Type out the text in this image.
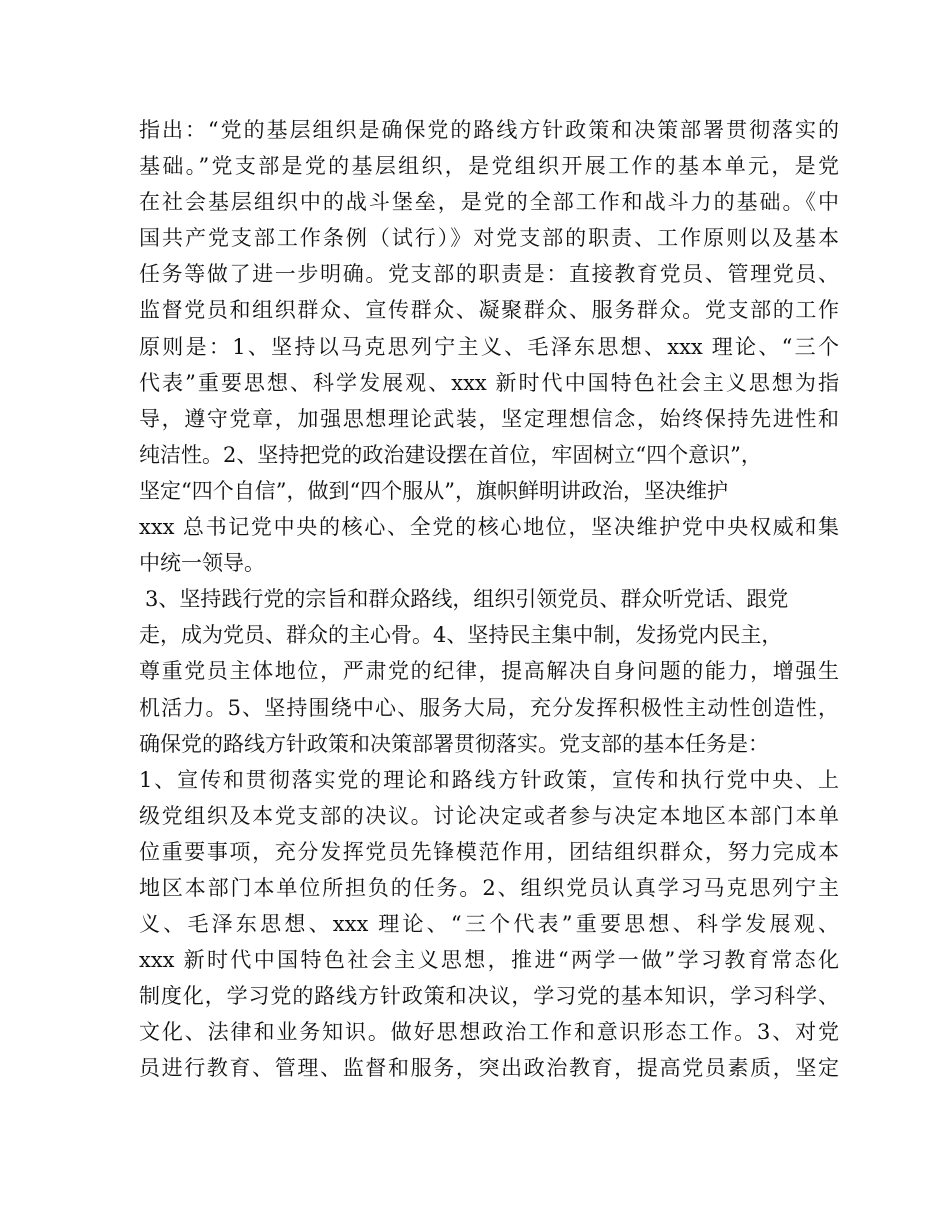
指出：“党的基层组织是确保党的路线方针政策和决策部署贯彻落实的
基础。”党支部是党的基层组织，是党组织开展工作的基本单元，是党
在社会基层组织中的战斗堡垒，是党的全部工作和战斗力的基础。《中
国共产党支部工作条例（试行）》对党支部的职责、工作原则以及基本
任务等做了进一步明确。党支部的职责是：直接教育党员、管理党员、
监督党员和组织群众、宣传群众、凝聚群众、服务群众。党支部的工作
原则是：1、坚持以马克思列宁主义、毛泽东思想、xxx 理论、“三个
代表”重要思想、科学发展观、xxx 新时代中国特色社会主义思想为指
导，遵守党章，加强思想理论武装，坚定理想信念，始终保持先进性和
纯洁性。2、坚持把党的政治建设摆在首位，牢固树立“四个意识”，
坚定“四个自信”，做到“四个服从”，旗帜鲜明讲政治，坚决维护
xxx 总书记党中央的核心、全党的核心地位，坚决维护党中央权威和集
中统一领导。
3、坚持践行党的宗旨和群众路线，组织引领党员、群众听党话、跟党
走，成为党员、群众的主心骨。4、坚持民主集中制，发扬党内民主，
尊重党员主体地位，严肃党的纪律，提高解决自身问题的能力，增强生
机活力。5、坚持围绕中心、服务大局，充分发挥积极性主动性创造性，
确保党的路线方针政策和决策部署贯彻落实。党支部的基本任务是：
1、宣传和贯彻落实党的理论和路线方针政策，宣传和执行党中央、上
级党组织及本党支部的决议。讨论决定或者参与决定本地区本部门本单
位重要事项，充分发挥党员先锋模范作用，团结组织群众，努力完成本
地区本部门本单位所担负的任务。2、组织党员认真学习马克思列宁主
义、毛泽东思想、xxx 理论、“三个代表”重要思想、科学发展观、
xxx 新时代中国特色社会主义思想，推进“两学一做”学习教育常态化
制度化，学习党的路线方针政策和决议，学习党的基本知识，学习科学、
文化、法律和业务知识。做好思想政治工作和意识形态工作。3、对党
员进行教育、管理、监督和服务，突出政治教育，提高党员素质，坚定
